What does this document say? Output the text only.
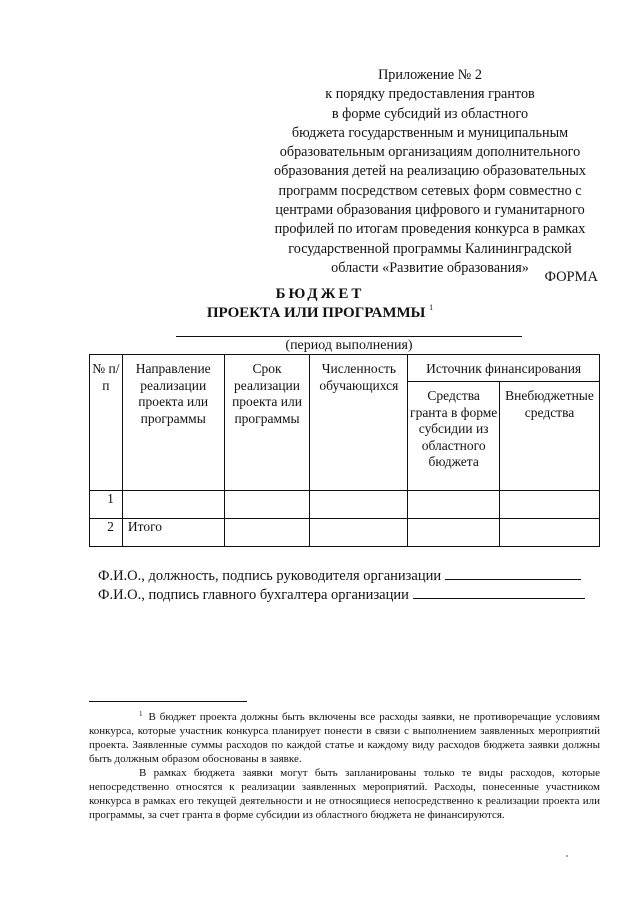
Приложение № 2
к порядку предоставления грантов
в форме субсидий из областного
бюджета государственным и муниципальным
образовательным организациям дополнительного
образования детей на реализацию образовательных
программ посредством сетевых форм совместно с
центрами образования цифрового и гуманитарного
профилей по итогам проведения конкурса в рамках
государственной программы Калининградской
области «Развитие образования»
ФОРМА
БЮДЖЕТ
ПРОЕКТА ИЛИ ПРОГРАММЫ $^1$
(период выполнения)
№ п/п	Направление реализации проекта или программы	Срок реализации проекта или программы	Численность обучающихся	Источник финансирования	
				Средства гранта в форме субсидии из областного бюджета	Внебюджетные средства
1					
2	Итого				
Ф.И.О., должность, подпись руководителя организации
Ф.И.О., подпись главного бухгалтера организации

$^1$ В бюджет проекта должны быть включены все расходы заявки, не противоречащие условиям конкурса, которые участник конкурса планирует понести в связи с выполнением заявленных мероприятий проекта. Заявленные суммы расходов по каждой статье и каждому виду расходов бюджета заявки должны быть должным образом обоснованы в заявке.

В рамках бюджета заявки могут быть запланированы только те виды расходов, которые непосредственно относятся к реализации заявленных мероприятий. Расходы, понесенные участником конкурса в рамках его текущей деятельности и не относящиеся непосредственно к реализации проекта или программы, за счет гранта в форме субсидии из областного бюджета не финансируются.
